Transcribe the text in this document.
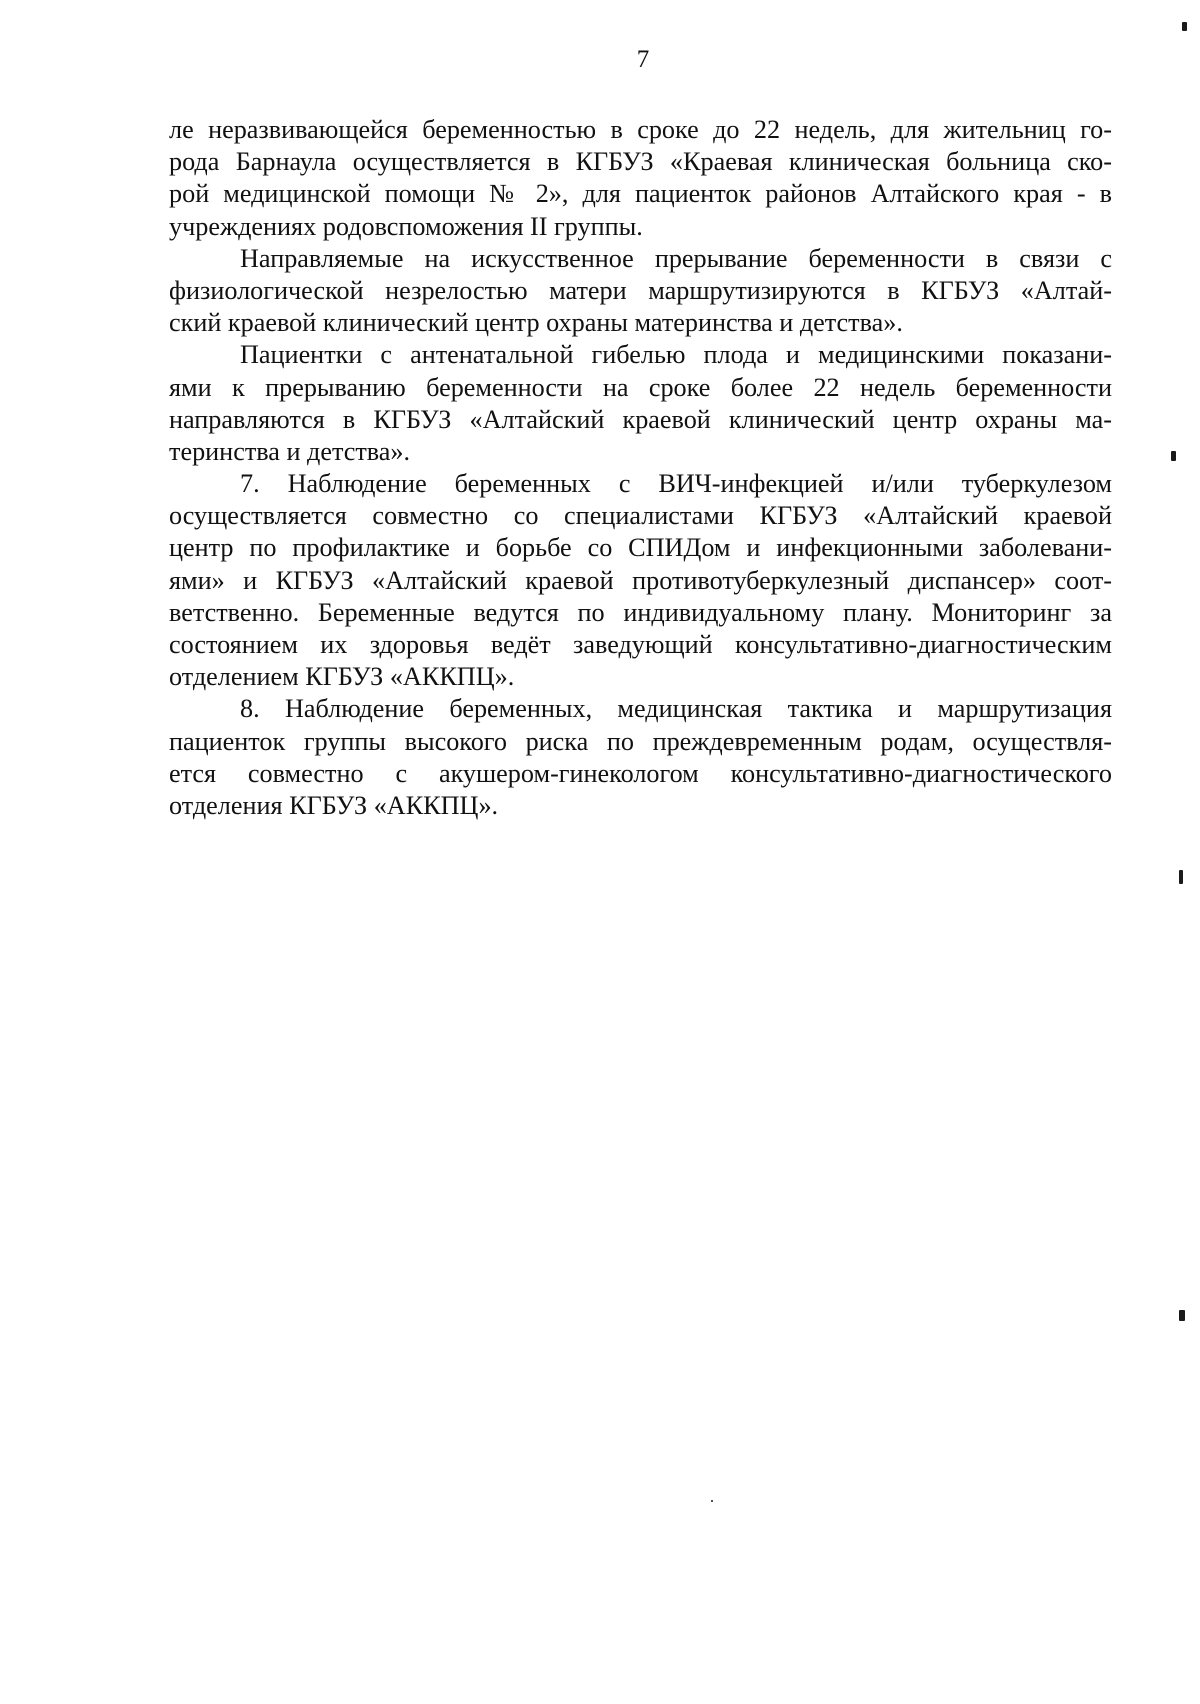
7
ле неразвивающейся беременностью в сроке до 22 недель, для жительниц го-
рода Барнаула осуществляется в КГБУЗ «Краевая клиническая больница ско-
рой медицинской помощи № 2», для пациенток районов Алтайского края - в
учреждениях родовспоможения II группы.
Направляемые на искусственное прерывание беременности в связи с
физиологической незрелостью матери маршрутизируются в КГБУЗ «Алтай-
ский краевой клинический центр охраны материнства и детства».
Пациентки с антенатальной гибелью плода и медицинскими показани-
ями к прерыванию беременности на сроке более 22 недель беременности
направляются в КГБУЗ «Алтайский краевой клинический центр охраны ма-
теринства и детства».
7. Наблюдение беременных с ВИЧ-инфекцией и/или туберкулезом
осуществляется совместно со специалистами КГБУЗ «Алтайский краевой
центр по профилактике и борьбе со СПИДом и инфекционными заболевани-
ями» и КГБУЗ «Алтайский краевой противотуберкулезный диспансер» соот-
ветственно. Беременные ведутся по индивидуальному плану. Мониторинг за
состоянием их здоровья ведёт заведующий консультативно-диагностическим
отделением КГБУЗ «АККПЦ».
8. Наблюдение беременных, медицинская тактика и маршрутизация
пациенток группы высокого риска по преждевременным родам, осуществля-
ется совместно с акушером-гинекологом консультативно-диагностического
отделения КГБУЗ «АККПЦ».
